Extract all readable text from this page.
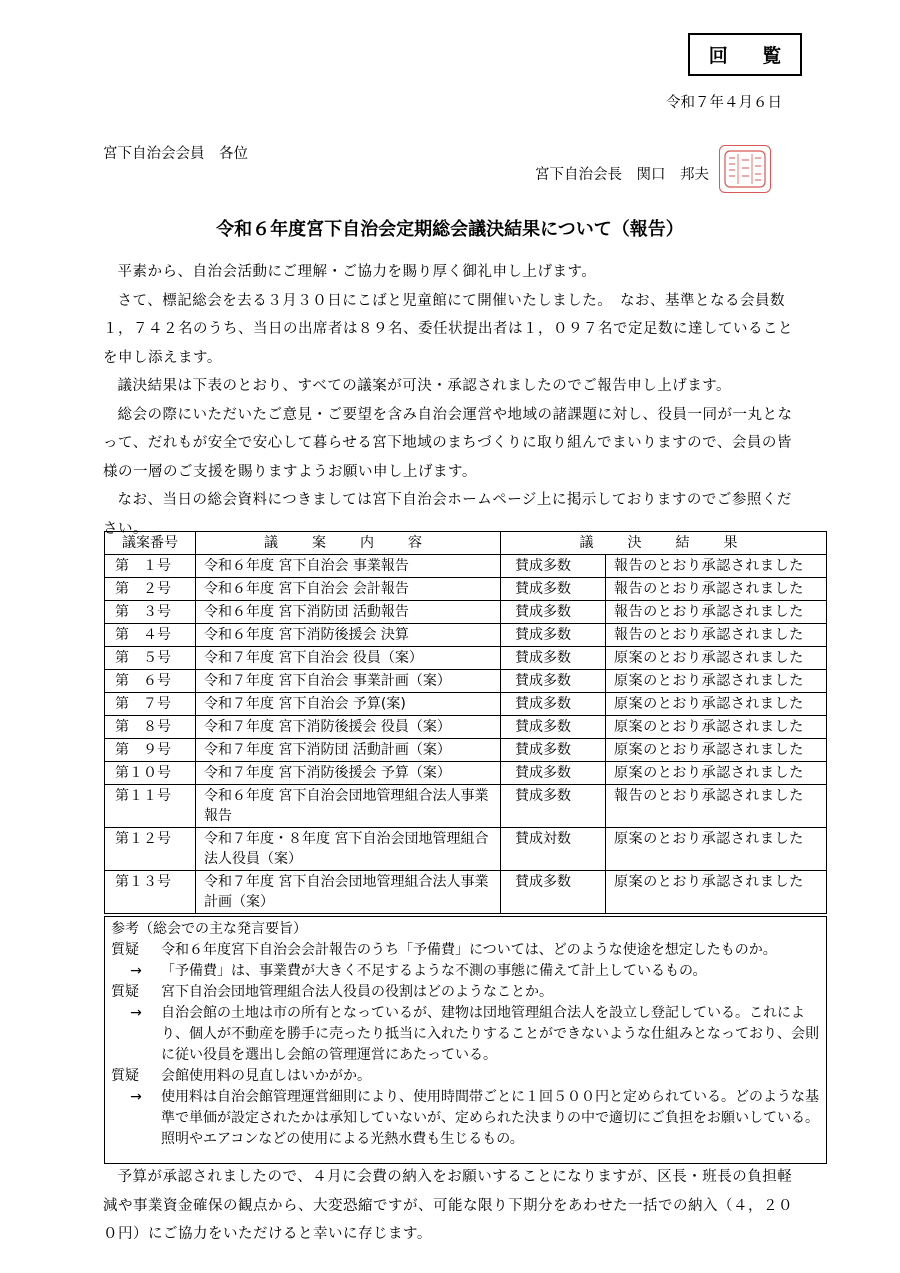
回 覧
令和７年４月６日
宮下自治会会員　各位
宮下自治会長　関口　邦夫
令和６年度宮下自治会定期総会議決結果について（報告）

平素から、自治会活動にご理解・ご協力を賜り厚く御礼申し上げます。

さて、標記総会を去る３月３０日にこばと児童館にて開催いたしました。　なお、基準となる会員数１，７４２名のうち、当日の出席者は８９名、委任状提出者は１，０９７名で定足数に達していることを申し添えます。

議決結果は下表のとおり、すべての議案が可決・承認されましたのでご報告申し上げます。

総会の際にいただいたご意見・ご要望を含み自治会運営や地域の諸課題に対し、役員一同が一丸となって、だれもが安全で安心して暮らせる宮下地域のまちづくりに取り組んでまいりますので、会員の皆様の一層のご支援を賜りますようお願い申し上げます。

なお、当日の総会資料につきましては宮下自治会ホームページ上に掲示しておりますのでご参照ください。

議案番号	議　案　内　容	議　決　結　果	
第　１号	令和６年度 宮下自治会 事業報告	賛成多数	報告のとおり承認されました
第　２号	令和６年度 宮下自治会 会計報告	賛成多数	報告のとおり承認されました
第　３号	令和６年度 宮下消防団 活動報告	賛成多数	報告のとおり承認されました
第　４号	令和６年度 宮下消防後援会 決算	賛成多数	報告のとおり承認されました
第　５号	令和７年度 宮下自治会 役員（案）	賛成多数	原案のとおり承認されました
第　６号	令和７年度 宮下自治会 事業計画（案）	賛成多数	原案のとおり承認されました
第　７号	令和７年度 宮下自治会 予算(案)	賛成多数	原案のとおり承認されました
第　８号	令和７年度 宮下消防後援会 役員（案）	賛成多数	原案のとおり承認されました
第　９号	令和７年度 宮下消防団 活動計画（案）	賛成多数	原案のとおり承認されました
第１０号	令和７年度 宮下消防後援会 予算（案）	賛成多数	原案のとおり承認されました
第１１号	令和６年度 宮下自治会団地管理組合法人事業報告	賛成多数	報告のとおり承認されました
第１２号	令和７年度・８年度 宮下自治会団地管理組合法人役員（案）	賛成対数	原案のとおり承認されました
第１３号	令和７年度 宮下自治会団地管理組合法人事業計画（案）	賛成多数	原案のとおり承認されました
参考（総会での主な発言要旨）
質疑	令和６年度宮下自治会会計報告のうち「予備費」については、どのような使途を想定したものか。
→	「予備費」は、事業費が大きく不足するような不測の事態に備えて計上しているもの。
質疑	宮下自治会団地管理組合法人役員の役割はどのようなことか。
→	自治会館の土地は市の所有となっているが、建物は団地管理組合法人を設立し登記している。これにより、個人が不動産を勝手に売ったり抵当に入れたりすることができないような仕組みとなっており、会則に従い役員を選出し会館の管理運営にあたっている。
質疑	会館使用料の見直しはいかがか。
→	使用料は自治会館管理運営細則により、使用時間帯ごとに１回５００円と定められている。どのような基準で単価が設定されたかは承知していないが、定められた決まりの中で適切にご負担をお願いしている。照明やエアコンなどの使用による光熱水費も生じるもの。

予算が承認されましたので、４月に会費の納入をお願いすることになりますが、区長・班長の負担軽減や事業資金確保の観点から、大変恐縮ですが、可能な限り下期分をあわせた一括での納入（４，２００円）にご協力をいただけると幸いに存じます。
